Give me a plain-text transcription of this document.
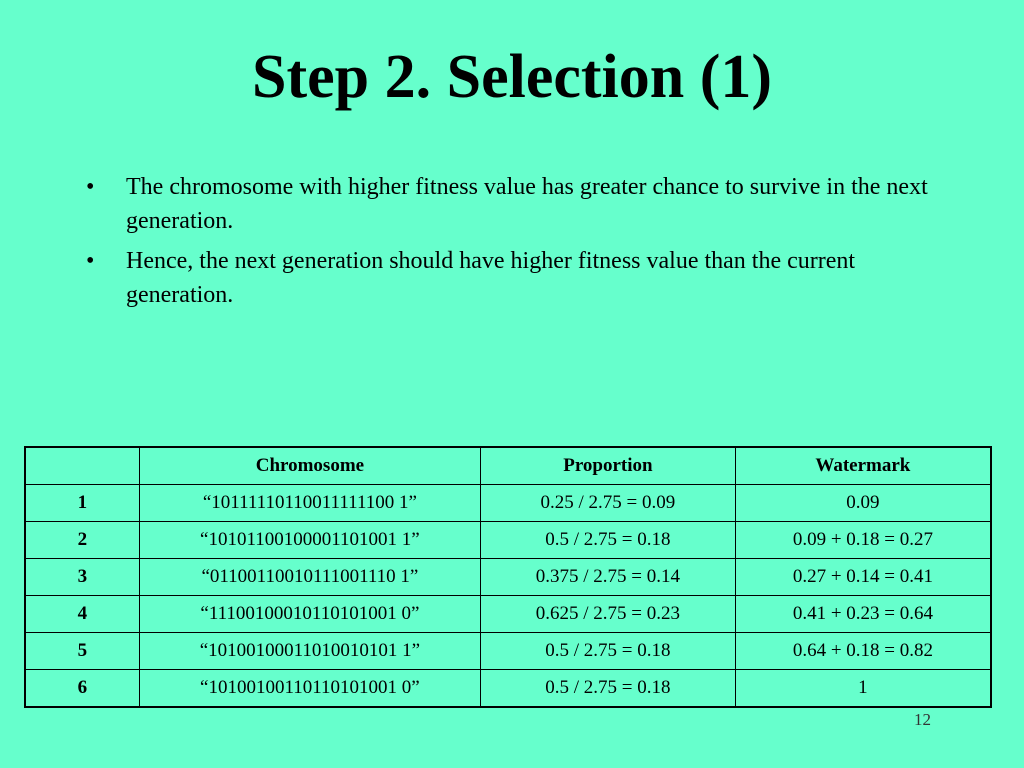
Step 2. Selection (1)
• The chromosome with higher fitness value has greater chance to survive in the next generation.
• Hence, the next generation should have higher fitness value than the current generation.
	Chromosome	Proportion	Watermark
1	“10111110110011111100 1”	0.25 / 2.75 = 0.09	0.09
2	“10101100100001101001 1”	0.5 / 2.75 = 0.18	0.09 + 0.18 = 0.27
3	“01100110010111001110 1”	0.375 / 2.75 = 0.14	0.27 + 0.14 = 0.41
4	“11100100010110101001 0”	0.625 / 2.75 = 0.23	0.41 + 0.23 = 0.64
5	“10100100011010010101 1”	0.5 / 2.75 = 0.18	0.64 + 0.18 = 0.82
6	“10100100110110101001 0”	0.5 / 2.75 = 0.18	1
12
